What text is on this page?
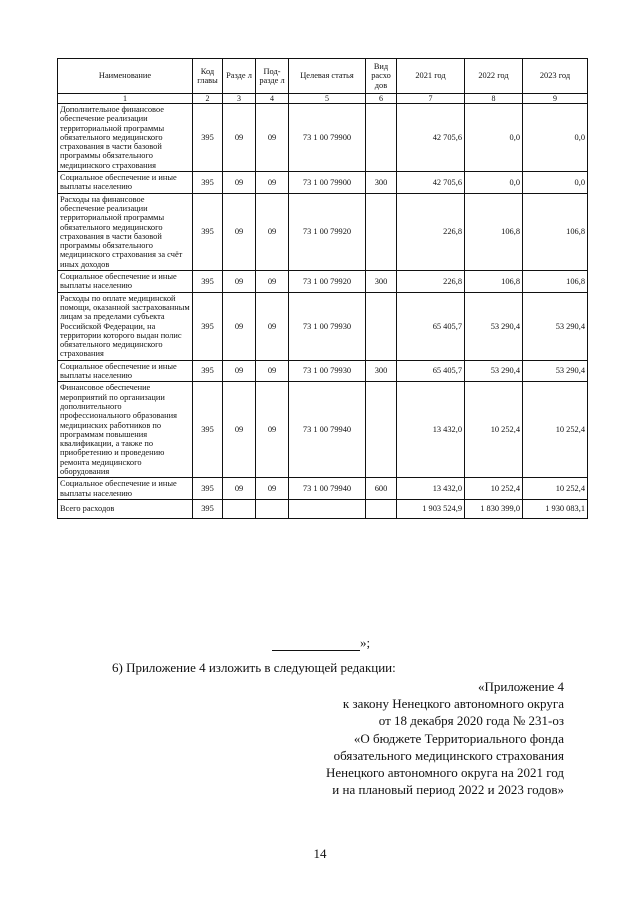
Наименование	Код главы	Разде л	Под-разде л	Целевая статья	Вид расхо дов	2021 год	2022 год	2023 год
1	2	3	4	5	6	7	8	9
Дополнительное финансовое обеспечение реализации территориальной программы обязательного медицинского страхования в части базовой программы обязательного медицинского страхования	395	09	09	73 1 00 79900		42 705,6	0,0	0,0
Социальное обеспечение и иные выплаты населению	395	09	09	73 1 00 79900	300	42 705,6	0,0	0,0
Расходы на финансовое обеспечение реализации территориальной программы обязательного медицинского страхования в части базовой программы обязательного медицинского страхования за счёт иных доходов	395	09	09	73 1 00 79920		226,8	106,8	106,8
Социальное обеспечение и иные выплаты населению	395	09	09	73 1 00 79920	300	226,8	106,8	106,8
Расходы по оплате медицинской помощи, оказанной застрахованным лицам за пределами субъекта Российской Федерации, на территории которого выдан полис обязательного медицинского страхования	395	09	09	73 1 00 79930		65 405,7	53 290,4	53 290,4
Социальное обеспечение и иные выплаты населению	395	09	09	73 1 00 79930	300	65 405,7	53 290,4	53 290,4
Финансовое обеспечение мероприятий по организации дополнительного профессионального образования медицинских работников по программам повышения квалификации, а также по приобретению и проведению ремонта медицинского оборудования	395	09	09	73 1 00 79940		13 432,0	10 252,4	10 252,4
Социальное обеспечение и иные выплаты населению	395	09	09	73 1 00 79940	600	13 432,0	10 252,4	10 252,4
Всего расходов	395					1 903 524,9	1 830 399,0	1 930 083,1
»;
6) Приложение 4 изложить в следующей редакции:
«Приложение 4
к закону Ненецкого автономного округа
от 18 декабря 2020 года № 231-оз
«О бюджете Территориального фонда
обязательного медицинского страхования
Ненецкого автономного округа на 2021 год
и на плановый период 2022 и 2023 годов»
14
